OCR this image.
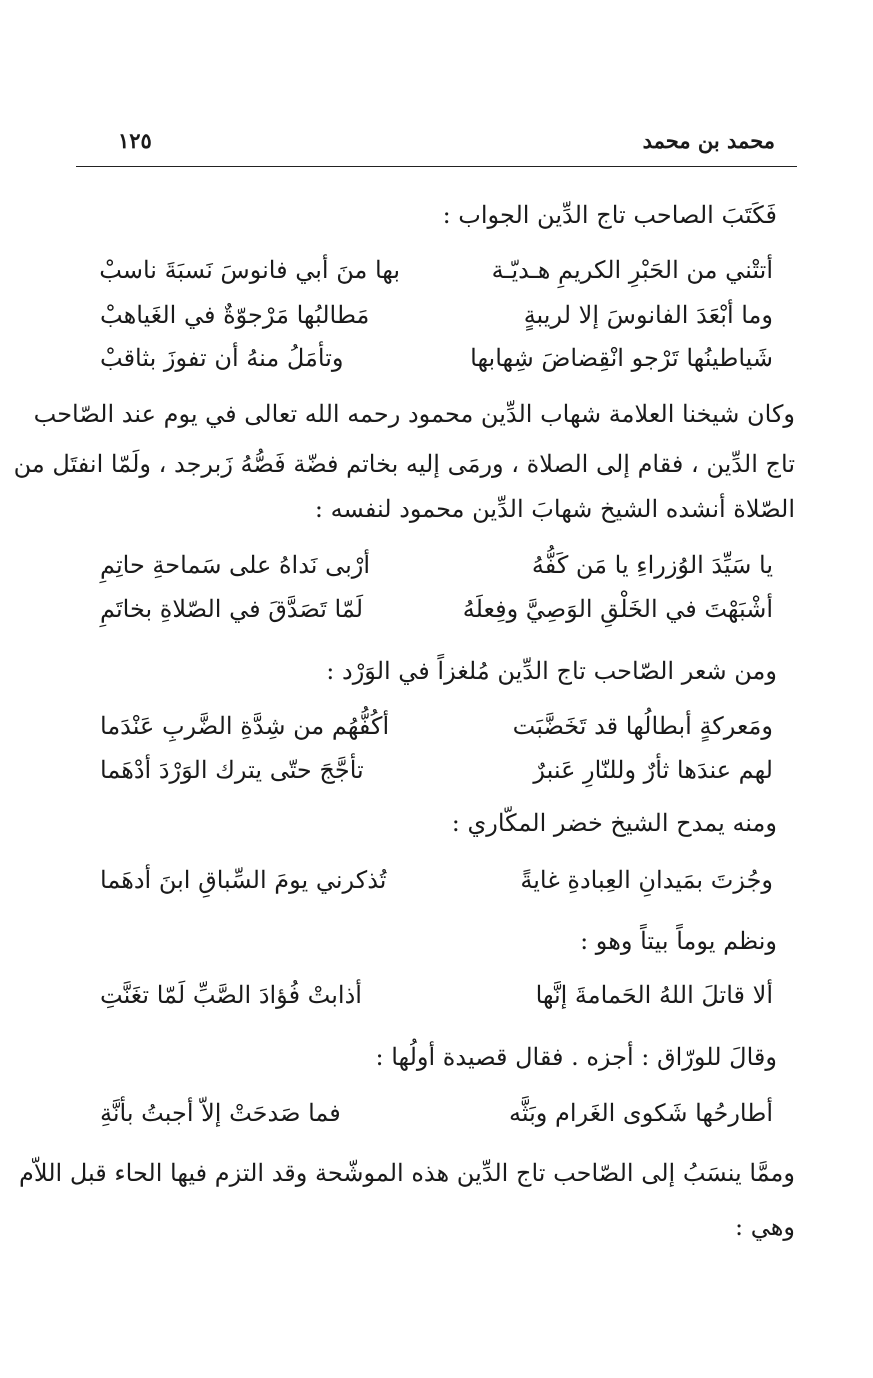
محمد بن محمد
١٢٥
فَكَتَبَ الصاحب تاج الدِّين الجواب :
أتتْني من الحَبْرِ الكريمِ هـديّـة
بها منَ أبي فانوسَ نَسبَةَ ناسبْ
وما أبْعَدَ الفانوسَ إلا لريبةٍ
مَطالبُها مَرْجوّةٌ في الغَياهبْ
شَياطينُها تَرْجو انْقِضاضَ شِهابها
وتأمَلُ منهُ أن تفوزَ بثاقبْ
وكان شيخنا العلامة شهاب الدِّين محمود رحمه الله تعالى في يوم عند الصّاحب
تاج الدِّين ، فقام إلى الصلاة ، ورمَى إليه بخاتم فضّة فَصُّهُ زَبرجد ، ولَمّا انفتَل من
الصّلاة أنشده الشيخ شهابَ الدِّين محمود لنفسه :
يا سَيِّدَ الوُزراءِ يا مَن كَفُّهُ
أرْبى نَداهُ على سَماحةِ حاتِمِ
أشْبَهْتَ في الخَلْقِ الوَصِيَّ وفِعلَهُ
لَمّا تَصَدَّقَ في الصّلاةِ بخاتَمِ
ومن شعر الصّاحب تاج الدِّين مُلغزاً في الوَرْد :
ومَعركةٍ أبطالُها قد تَخَضَّبَت
أكُفُّهُم من شِدَّةِ الضَّربِ عَنْدَما
لهم عندَها ثأرٌ وللنّارِ عَنبرٌ
تأجَّجَ حتّى يترك الوَرْدَ أدْهَما
ومنه يمدح الشيخ خضر المكّاري :
وجُزتَ بمَيدانِ العِبادةِ غايةً
تُذكرني يومَ السِّباقِ ابنَ أدهَما
ونظم يوماً بيتاً وهو :
ألا قاتلَ اللهُ الحَمامةَ إنَّها
أذابتْ فُؤادَ الصَّبِّ لَمّا تغَنَّتِ
وقالَ للورّاق : أجزه . فقال قصيدة أولُها :
أطارحُها شَكوى الغَرام وبَثَّه
فما صَدحَتْ إلاّ أجبتُ بأنَّةِ
وممَّا ينسَبُ إلى الصّاحب تاج الدِّين هذه الموشّحة وقد التزم فيها الحاء قبل اللاّم
وهي :
